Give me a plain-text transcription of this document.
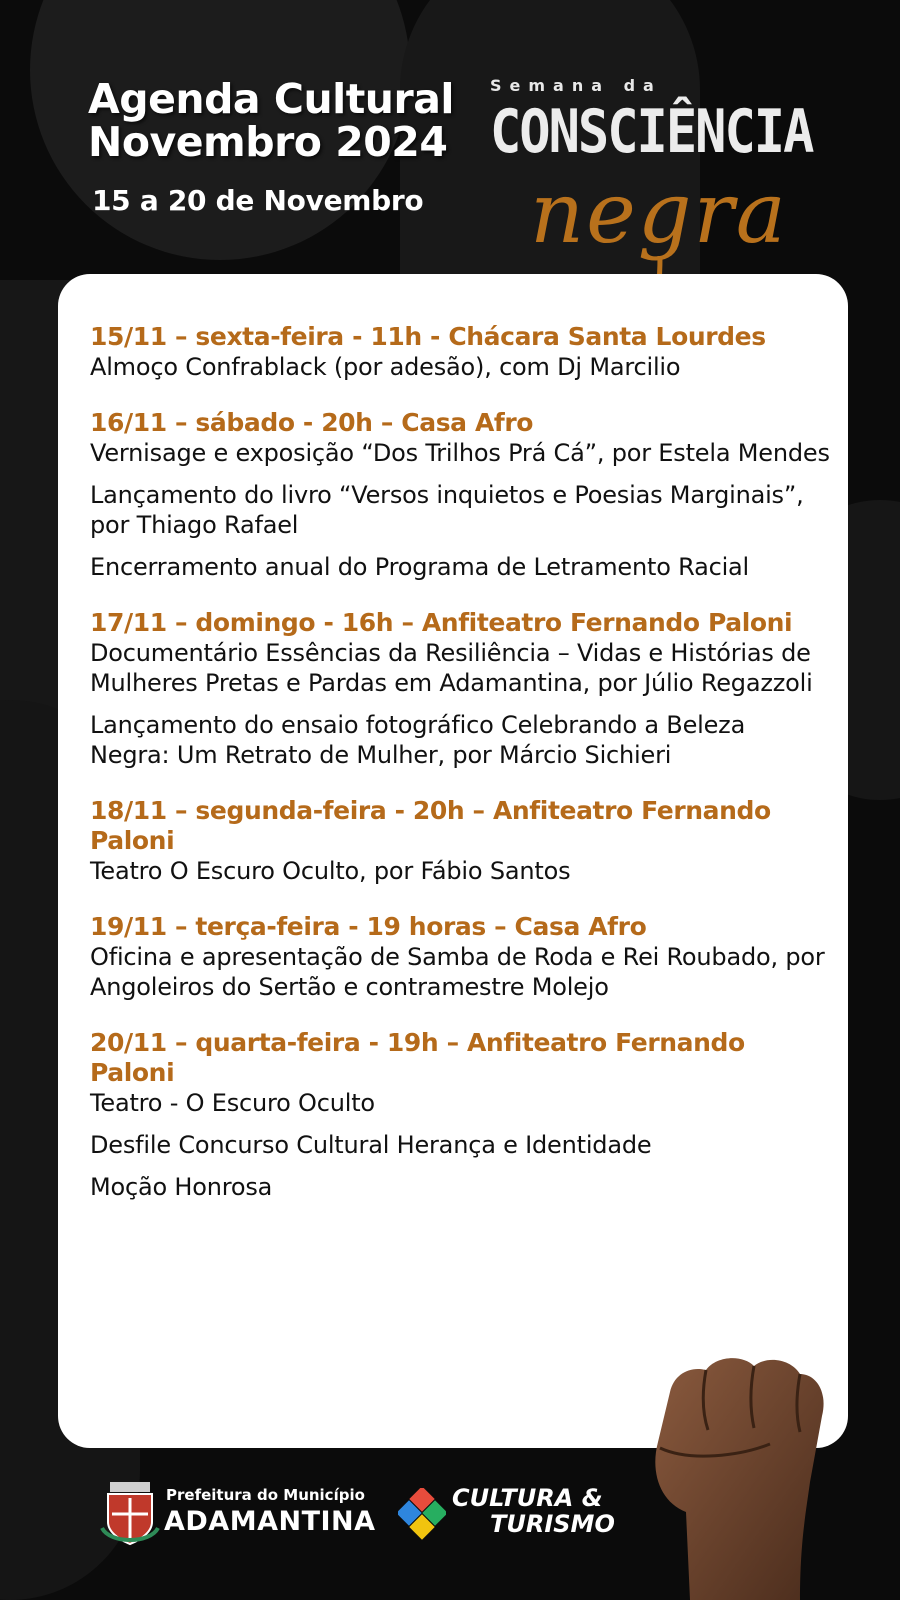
Agenda Cultural
Novembro 2024
15 a 20 de Novembro
Semana da
CONSCIÊNCIA
negra
15/11 – sexta-feira - 11h - Chácara Santa Lourdes
Almoço Confrablack (por adesão), com Dj Marcilio
16/11 – sábado - 20h – Casa Afro
Vernisage e exposição “Dos Trilhos Prá Cá”, por Estela Mendes
Lançamento do livro “Versos inquietos e Poesias Marginais”, por Thiago Rafael
Encerramento anual do Programa de Letramento Racial
17/11 – domingo - 16h – Anfiteatro Fernando Paloni
Documentário Essências da Resiliência – Vidas e Histórias de Mulheres Pretas e Pardas em Adamantina, por Júlio Regazzoli
Lançamento do ensaio fotográfico Celebrando a Beleza Negra: Um Retrato de Mulher, por Márcio Sichieri
18/11 – segunda-feira - 20h – Anfiteatro Fernando Paloni
Teatro O Escuro Oculto, por Fábio Santos
19/11 – terça-feira - 19 horas – Casa Afro
Oficina e apresentação de Samba de Roda e Rei Roubado, por Angoleiros do Sertão e contramestre Molejo
20/11 – quarta-feira - 19h – Anfiteatro Fernando Paloni
Teatro - O Escuro Oculto
Desfile Concurso Cultural Herança e Identidade
Moção Honrosa
Prefeitura do Município
ADAMANTINA
CULTURA &
TURISMO
